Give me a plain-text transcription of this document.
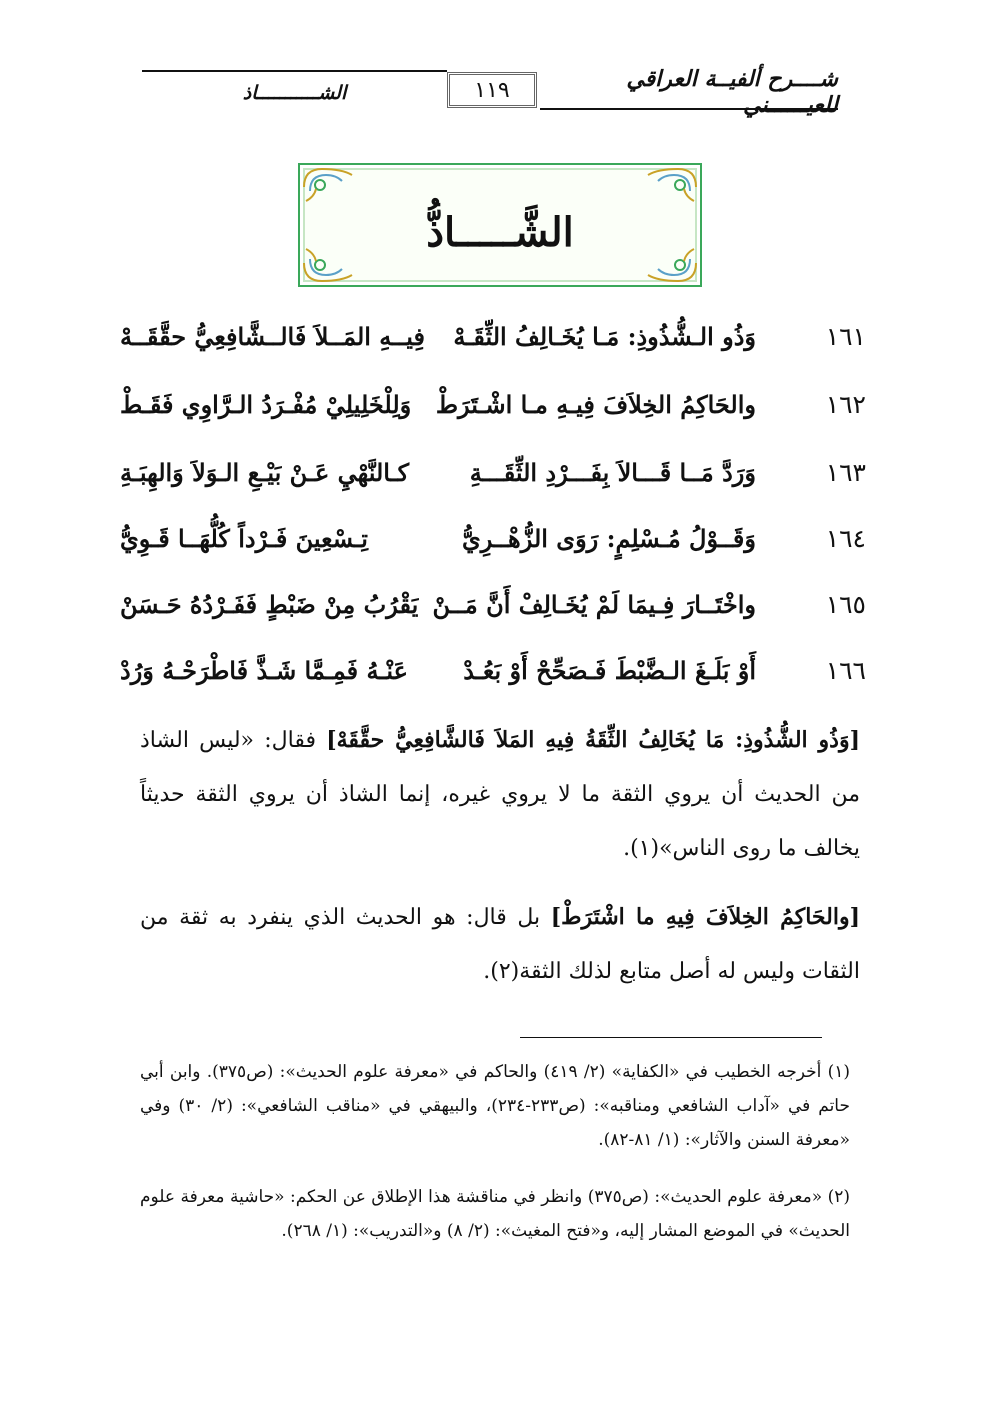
شــــرح ألفيــة العراقي للعيــــــني
١١٩
الشـــــــــــاذ
الشَّـــــاذُّ
١٦١
وَذُو الـشُّذُوذِ: مَـا يُخَـالِفُ الثِّقَـهْ
فِيــهِ المَــلاَ فَالــشَّافِعِيُّ حقَّقَــهْ
١٦٢
والحَاكِمُ الخِلاَفَ فِيـهِ مـا اشْـتَرَطْ
وَلِلْخَلِيلِيْ مُفْـرَدُ الـرَّاوِي فَقَـطْ
١٦٣
وَرَدَّ مَــا قَـــالاَ بِفَـــرْدِ الثِّقَـــةِ
كـالنَّهْيِ عَـنْ بَيْـعِ الـوَلاَ وَالهِبَـةِ
١٦٤
وَقَــوْلُ مُـسْلِمٍ: رَوَى الزُّهْــرِيُّ
تِـسْعِينَ فَـرْداً كُلُّهَــا قَـوِيُّ
١٦٥
واخْتَــارَ فِـيمَا لَمْ يُخَـالِفْ أَنَّ مَــنْ
يَقْرُبُ مِنْ ضَبْطٍ فَفَـرْدُهُ حَـسَنْ
١٦٦
أَوْ بَلَـغَ الـضَّبْطَ فَـصَحِّحْ أَوْ بَعُـدْ
عَنْـهُ فَمِـمَّا شَـذَّ فَاطْرَحْـهُ وَرُدْ
[وَذُو الشُّذُوذِ: مَا يُخَالِفُ الثِّقَةُ فِيهِ المَلاَ فَالشَّافِعِيُّ حقَّقَهْ] فقال: «ليس الشاذ من الحديث أن يروي الثقة ما لا يروي غيره، إنما الشاذ أن يروي الثقة حديثاً يخالف ما روى الناس»(١).
[والحَاكِمُ الخِلاَفَ فِيهِ ما اشْتَرَطْ] بل قال: هو الحديث الذي ينفرد به ثقة من الثقات وليس له أصل متابع لذلك الثقة(٢).
(١) أخرجه الخطيب في «الكفاية» (٢/ ٤١٩) والحاكم في «معرفة علوم الحديث»: (ص٣٧٥). وابن أبي حاتم في «آداب الشافعي ومناقبه»: (ص٢٣٣-٢٣٤)، والبيهقي في «مناقب الشافعي»: (٢/ ٣٠) وفي «معرفة السنن والآثار»: (١/ ٨١-٨٢).
(٢) «معرفة علوم الحديث»: (ص٣٧٥) وانظر في مناقشة هذا الإطلاق عن الحكم: «حاشية معرفة علوم الحديث» في الموضع المشار إليه، و«فتح المغيث»: (٢/ ٨) و«التدريب»: (١/ ٢٦٨).
